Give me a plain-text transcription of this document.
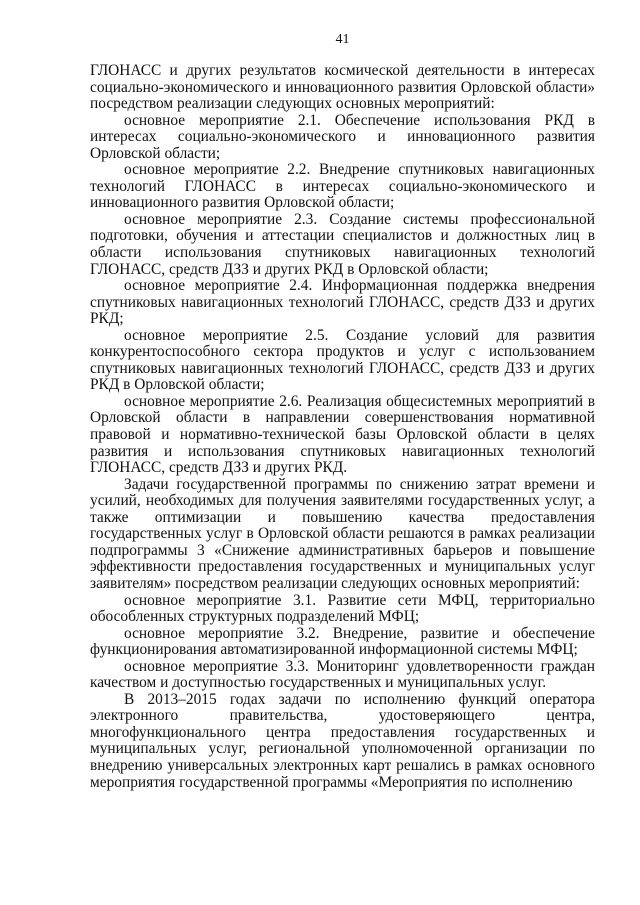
41

ГЛОНАСС и других результатов космической деятельности в интересах социально-экономического и инновационного развития Орловской области» посредством реализации следующих основных мероприятий:

основное мероприятие 2.1. Обеспечение использования РКД в интересах социально-экономического и инновационного развития Орловской области;

основное мероприятие 2.2. Внедрение спутниковых навигационных технологий ГЛОНАСС в интересах социально-экономического и инновационного развития Орловской области;

основное мероприятие 2.3. Создание системы профессиональной подготовки, обучения и аттестации специалистов и должностных лиц в области использования спутниковых навигационных технологий ГЛОНАСС, средств ДЗЗ и других РКД в Орловской области;

основное мероприятие 2.4. Информационная поддержка внедрения спутниковых навигационных технологий ГЛОНАСС, средств ДЗЗ и других РКД;

основное мероприятие 2.5. Создание условий для развития конкурентоспособного сектора продуктов и услуг с использованием спутниковых навигационных технологий ГЛОНАСС, средств ДЗЗ и других РКД в Орловской области;

основное мероприятие 2.6. Реализация общесистемных мероприятий в Орловской области в направлении совершенствования нормативной правовой и нормативно-технической базы Орловской области в целях развития и использования спутниковых навигационных технологий ГЛОНАСС, средств ДЗЗ и других РКД.

Задачи государственной программы по снижению затрат времени и усилий, необходимых для получения заявителями государственных услуг, а также оптимизации и повышению качества предоставления государственных услуг в Орловской области решаются в рамках реализации подпрограммы 3 «Снижение административных барьеров и повышение эффективности предоставления государственных и муниципальных услуг заявителям» посредством реализации следующих основных мероприятий:

основное мероприятие 3.1. Развитие сети МФЦ, территориально обособленных структурных подразделений МФЦ;

основное мероприятие 3.2. Внедрение, развитие и обеспечение функционирования автоматизированной информационной системы МФЦ;

основное мероприятие 3.3. Мониторинг удовлетворенности граждан качеством и доступностью государственных и муниципальных услуг.

В 2013–2015 годах задачи по исполнению функций оператора электронного правительства, удостоверяющего центра, многофункционального центра предоставления государственных и муниципальных услуг, региональной уполномоченной организации по внедрению универсальных электронных карт решались в рамках основного мероприятия государственной программы «Мероприятия по исполнению
